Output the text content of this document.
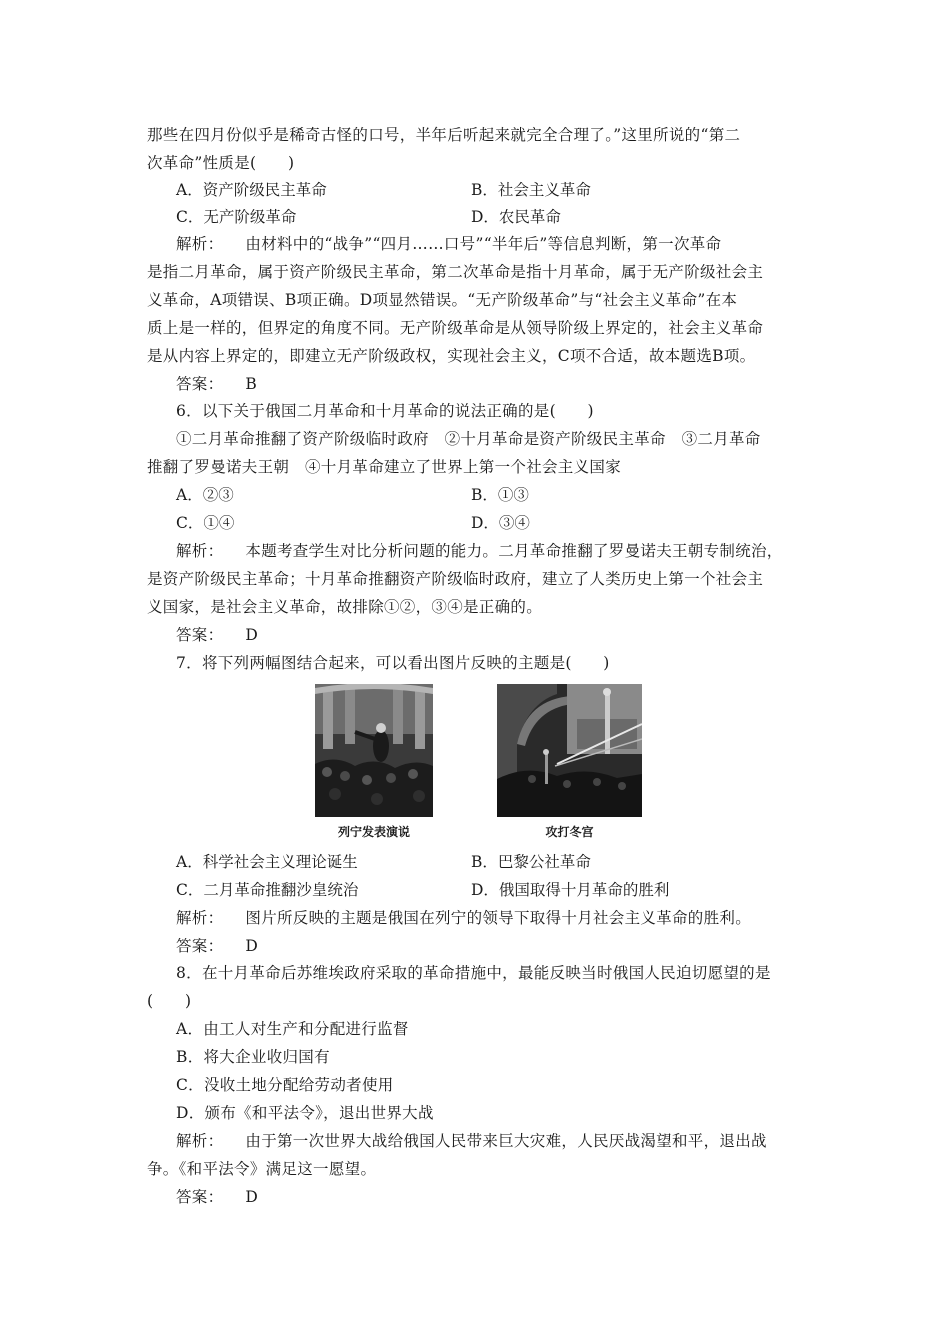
那些在四月份似乎是稀奇古怪的口号，半年后听起来就完全合理了。”这里所说的“第二
次革命”性质是(　　)
A．资产阶级民主革命	B．社会主义革命
C．无产阶级革命	D．农民革命
解析： 由材料中的“战争”“四月……口号”“半年后”等信息判断，第一次革命
是指二月革命，属于资产阶级民主革命，第二次革命是指十月革命，属于无产阶级社会主
义革命，A项错误、B项正确。D项显然错误。“无产阶级革命”与“社会主义革命”在本
质上是一样的，但界定的角度不同。无产阶级革命是从领导阶级上界定的，社会主义革命
是从内容上界定的，即建立无产阶级政权，实现社会主义，C项不合适，故本题选B项。
答案： B
6．以下关于俄国二月革命和十月革命的说法正确的是(　　)
①二月革命推翻了资产阶级临时政府　②十月革命是资产阶级民主革命　③二月革命
推翻了罗曼诺夫王朝　④十月革命建立了世界上第一个社会主义国家
A．②③	B．①③
C．①④	D．③④
解析： 本题考查学生对比分析问题的能力。二月革命推翻了罗曼诺夫王朝专制统治，
是资产阶级民主革命；十月革命推翻资产阶级临时政府，建立了人类历史上第一个社会主
义国家，是社会主义革命，故排除①②，③④是正确的。
答案： D
7．将下列两幅图结合起来，可以看出图片反映的主题是(　　)
列宁发表演说	攻打冬宫
A．科学社会主义理论诞生	B．巴黎公社革命
C．二月革命推翻沙皇统治	D．俄国取得十月革命的胜利
解析： 图片所反映的主题是俄国在列宁的领导下取得十月社会主义革命的胜利。
答案： D
8．在十月革命后苏维埃政府采取的革命措施中，最能反映当时俄国人民迫切愿望的是
(　　)
A．由工人对生产和分配进行监督
B．将大企业收归国有
C．没收土地分配给劳动者使用
D．颁布《和平法令》，退出世界大战
解析： 由于第一次世界大战给俄国人民带来巨大灾难，人民厌战渴望和平，退出战
争。《和平法令》满足这一愿望。
答案： D
